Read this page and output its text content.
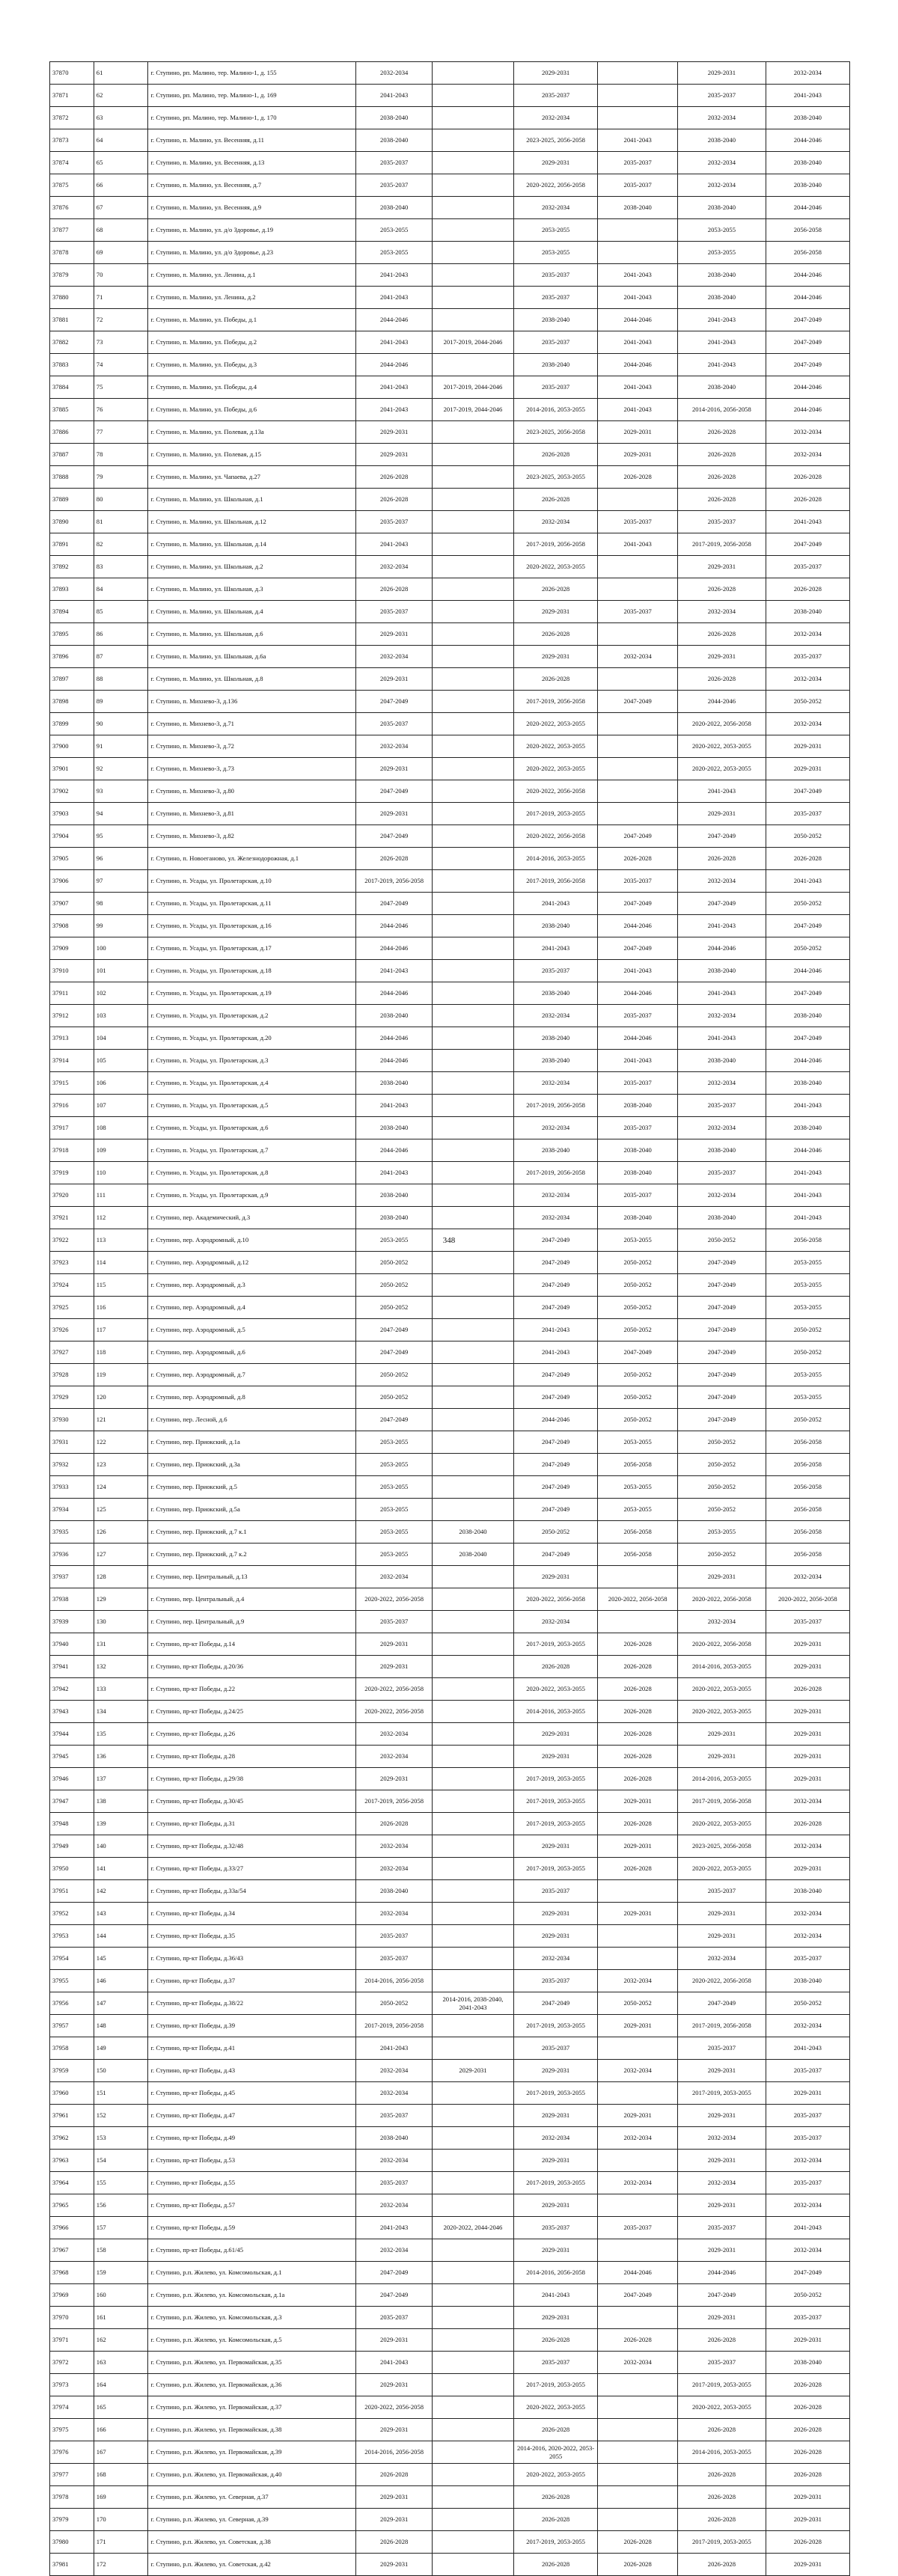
37870	61	г. Ступино, рп. Малино, тер. Малино-1, д. 155	2032-2034		2029-2031		2029-2031	2032-2034
37871	62	г. Ступино, рп. Малино, тер. Малино-1, д. 169	2041-2043		2035-2037		2035-2037	2041-2043
37872	63	г. Ступино, рп. Малино, тер. Малино-1, д. 170	2038-2040		2032-2034		2032-2034	2038-2040
37873	64	г. Ступино, п. Малино, ул. Весенняя, д.11	2038-2040		2023-2025, 2056-2058	2041-2043	2038-2040	2044-2046
37874	65	г. Ступино, п. Малино, ул. Весенняя, д.13	2035-2037		2029-2031	2035-2037	2032-2034	2038-2040
37875	66	г. Ступино, п. Малино, ул. Весенняя, д.7	2035-2037		2020-2022, 2056-2058	2035-2037	2032-2034	2038-2040
37876	67	г. Ступино, п. Малино, ул. Весенняя, д.9	2038-2040		2032-2034	2038-2040	2038-2040	2044-2046
37877	68	г. Ступино, п. Малино, ул. д/о Здоровье, д.19	2053-2055		2053-2055		2053-2055	2056-2058
37878	69	г. Ступино, п. Малино, ул. д/о Здоровье, д.23	2053-2055		2053-2055		2053-2055	2056-2058
37879	70	г. Ступино, п. Малино, ул. Ленина, д.1	2041-2043		2035-2037	2041-2043	2038-2040	2044-2046
37880	71	г. Ступино, п. Малино, ул. Ленина, д.2	2041-2043		2035-2037	2041-2043	2038-2040	2044-2046
37881	72	г. Ступино, п. Малино, ул. Победы, д.1	2044-2046		2038-2040	2044-2046	2041-2043	2047-2049
37882	73	г. Ступино, п. Малино, ул. Победы, д.2	2041-2043	2017-2019, 2044-2046	2035-2037	2041-2043	2041-2043	2047-2049
37883	74	г. Ступино, п. Малино, ул. Победы, д.3	2044-2046		2038-2040	2044-2046	2041-2043	2047-2049
37884	75	г. Ступино, п. Малино, ул. Победы, д.4	2041-2043	2017-2019, 2044-2046	2035-2037	2041-2043	2038-2040	2044-2046
37885	76	г. Ступино, п. Малино, ул. Победы, д.6	2041-2043	2017-2019, 2044-2046	2014-2016, 2053-2055	2041-2043	2014-2016, 2056-2058	2044-2046
37886	77	г. Ступино, п. Малино, ул. Полевая, д.13а	2029-2031		2023-2025, 2056-2058	2029-2031	2026-2028	2032-2034
37887	78	г. Ступино, п. Малино, ул. Полевая, д.15	2029-2031		2026-2028	2029-2031	2026-2028	2032-2034
37888	79	г. Ступино, п. Малино, ул. Чапаева, д.27	2026-2028		2023-2025, 2053-2055	2026-2028	2026-2028	2026-2028
37889	80	г. Ступино, п. Малино, ул. Школьная, д.1	2026-2028		2026-2028		2026-2028	2026-2028
37890	81	г. Ступино, п. Малино, ул. Школьная, д.12	2035-2037		2032-2034	2035-2037	2035-2037	2041-2043
37891	82	г. Ступино, п. Малино, ул. Школьная, д.14	2041-2043		2017-2019, 2056-2058	2041-2043	2017-2019, 2056-2058	2047-2049
37892	83	г. Ступино, п. Малино, ул. Школьная, д.2	2032-2034		2020-2022, 2053-2055		2029-2031	2035-2037
37893	84	г. Ступино, п. Малино, ул. Школьная, д.3	2026-2028		2026-2028		2026-2028	2026-2028
37894	85	г. Ступино, п. Малино, ул. Школьная, д.4	2035-2037		2029-2031	2035-2037	2032-2034	2038-2040
37895	86	г. Ступино, п. Малино, ул. Школьная, д.6	2029-2031		2026-2028		2026-2028	2032-2034
37896	87	г. Ступино, п. Малино, ул. Школьная, д.6а	2032-2034		2029-2031	2032-2034	2029-2031	2035-2037
37897	88	г. Ступино, п. Малино, ул. Школьная, д.8	2029-2031		2026-2028		2026-2028	2032-2034
37898	89	г. Ступино, п. Михнево-3, д.136	2047-2049		2017-2019, 2056-2058	2047-2049	2044-2046	2050-2052
37899	90	г. Ступино, п. Михнево-3, д.71	2035-2037		2020-2022, 2053-2055		2020-2022, 2056-2058	2032-2034
37900	91	г. Ступино, п. Михнево-3, д.72	2032-2034		2020-2022, 2053-2055		2020-2022, 2053-2055	2029-2031
37901	92	г. Ступино, п. Михнево-3, д.73	2029-2031		2020-2022, 2053-2055		2020-2022, 2053-2055	2029-2031
37902	93	г. Ступино, п. Михнево-3, д.80	2047-2049		2020-2022, 2056-2058		2041-2043	2047-2049
37903	94	г. Ступино, п. Михнево-3, д.81	2029-2031		2017-2019, 2053-2055		2029-2031	2035-2037
37904	95	г. Ступино, п. Михнево-3, д.82	2047-2049		2020-2022, 2056-2058	2047-2049	2047-2049	2050-2052
37905	96	г. Ступино, п. Новоеганово, ул. Железнодорожная, д.1	2026-2028		2014-2016, 2053-2055	2026-2028	2026-2028	2026-2028
37906	97	г. Ступино, п. Усады, ул. Пролетарская, д.10	2017-2019, 2056-2058		2017-2019, 2056-2058	2035-2037	2032-2034	2041-2043
37907	98	г. Ступино, п. Усады, ул. Пролетарская, д.11	2047-2049		2041-2043	2047-2049	2047-2049	2050-2052
37908	99	г. Ступино, п. Усады, ул. Пролетарская, д.16	2044-2046		2038-2040	2044-2046	2041-2043	2047-2049
37909	100	г. Ступино, п. Усады, ул. Пролетарская, д.17	2044-2046		2041-2043	2047-2049	2044-2046	2050-2052
37910	101	г. Ступино, п. Усады, ул. Пролетарская, д.18	2041-2043		2035-2037	2041-2043	2038-2040	2044-2046
37911	102	г. Ступино, п. Усады, ул. Пролетарская, д.19	2044-2046		2038-2040	2044-2046	2041-2043	2047-2049
37912	103	г. Ступино, п. Усады, ул. Пролетарская, д.2	2038-2040		2032-2034	2035-2037	2032-2034	2038-2040
37913	104	г. Ступино, п. Усады, ул. Пролетарская, д.20	2044-2046		2038-2040	2044-2046	2041-2043	2047-2049
37914	105	г. Ступино, п. Усады, ул. Пролетарская, д.3	2044-2046		2038-2040	2041-2043	2038-2040	2044-2046
37915	106	г. Ступино, п. Усады, ул. Пролетарская, д.4	2038-2040		2032-2034	2035-2037	2032-2034	2038-2040
37916	107	г. Ступино, п. Усады, ул. Пролетарская, д.5	2041-2043		2017-2019, 2056-2058	2038-2040	2035-2037	2041-2043
37917	108	г. Ступино, п. Усады, ул. Пролетарская, д.6	2038-2040		2032-2034	2035-2037	2032-2034	2038-2040
37918	109	г. Ступино, п. Усады, ул. Пролетарская, д.7	2044-2046		2038-2040	2038-2040	2038-2040	2044-2046
37919	110	г. Ступино, п. Усады, ул. Пролетарская, д.8	2041-2043		2017-2019, 2056-2058	2038-2040	2035-2037	2041-2043
37920	111	г. Ступино, п. Усады, ул. Пролетарская, д.9	2038-2040		2032-2034	2035-2037	2032-2034	2041-2043
37921	112	г. Ступино, пер. Академический, д.3	2038-2040		2032-2034	2038-2040	2038-2040	2041-2043
37922	113	г. Ступино, пер. Аэродромный, д.10	2053-2055		2047-2049	2053-2055	2050-2052	2056-2058
37923	114	г. Ступино, пер. Аэродромный, д.12	2050-2052		2047-2049	2050-2052	2047-2049	2053-2055
37924	115	г. Ступино, пер. Аэродромный, д.3	2050-2052		2047-2049	2050-2052	2047-2049	2053-2055
37925	116	г. Ступино, пер. Аэродромный, д.4	2050-2052		2047-2049	2050-2052	2047-2049	2053-2055
37926	117	г. Ступино, пер. Аэродромный, д.5	2047-2049		2041-2043	2050-2052	2047-2049	2050-2052
37927	118	г. Ступино, пер. Аэродромный, д.6	2047-2049		2041-2043	2047-2049	2047-2049	2050-2052
37928	119	г. Ступино, пер. Аэродромный, д.7	2050-2052		2047-2049	2050-2052	2047-2049	2053-2055
37929	120	г. Ступино, пер. Аэродромный, д.8	2050-2052		2047-2049	2050-2052	2047-2049	2053-2055
37930	121	г. Ступино, пер. Лесной, д.6	2047-2049		2044-2046	2050-2052	2047-2049	2050-2052
37931	122	г. Ступино, пер. Приокский, д.1а	2053-2055		2047-2049	2053-2055	2050-2052	2056-2058
37932	123	г. Ступино, пер. Приокский, д.3а	2053-2055		2047-2049	2056-2058	2050-2052	2056-2058
37933	124	г. Ступино, пер. Приокский, д.5	2053-2055		2047-2049	2053-2055	2050-2052	2056-2058
37934	125	г. Ступино, пер. Приокский, д.5а	2053-2055		2047-2049	2053-2055	2050-2052	2056-2058
37935	126	г. Ступино, пер. Приокский, д.7 к.1	2053-2055	2038-2040	2050-2052	2056-2058	2053-2055	2056-2058
37936	127	г. Ступино, пер. Приокский, д.7 к.2	2053-2055	2038-2040	2047-2049	2056-2058	2050-2052	2056-2058
37937	128	г. Ступино, пер. Центральный, д.13	2032-2034		2029-2031		2029-2031	2032-2034
37938	129	г. Ступино, пер. Центральный, д.4	2020-2022, 2056-2058		2020-2022, 2056-2058	2020-2022, 2056-2058	2020-2022, 2056-2058	2020-2022, 2056-2058
37939	130	г. Ступино, пер. Центральный, д.9	2035-2037		2032-2034		2032-2034	2035-2037
37940	131	г. Ступино, пр-кт Победы, д.14	2029-2031		2017-2019, 2053-2055	2026-2028	2020-2022, 2056-2058	2029-2031
37941	132	г. Ступино, пр-кт Победы, д.20/36	2029-2031		2026-2028	2026-2028	2014-2016, 2053-2055	2029-2031
37942	133	г. Ступино, пр-кт Победы, д.22	2020-2022, 2056-2058		2020-2022, 2053-2055	2026-2028	2020-2022, 2053-2055	2026-2028
37943	134	г. Ступино, пр-кт Победы, д.24/25	2020-2022, 2056-2058		2014-2016, 2053-2055	2026-2028	2020-2022, 2053-2055	2029-2031
37944	135	г. Ступино, пр-кт Победы, д.26	2032-2034		2029-2031	2026-2028	2029-2031	2029-2031
37945	136	г. Ступино, пр-кт Победы, д.28	2032-2034		2029-2031	2026-2028	2029-2031	2029-2031
37946	137	г. Ступино, пр-кт Победы, д.29/38	2029-2031		2017-2019, 2053-2055	2026-2028	2014-2016, 2053-2055	2029-2031
37947	138	г. Ступино, пр-кт Победы, д.30/45	2017-2019, 2056-2058		2017-2019, 2053-2055	2029-2031	2017-2019, 2056-2058	2032-2034
37948	139	г. Ступино, пр-кт Победы, д.31	2026-2028		2017-2019, 2053-2055	2026-2028	2020-2022, 2053-2055	2026-2028
37949	140	г. Ступино, пр-кт Победы, д.32/48	2032-2034		2029-2031	2029-2031	2023-2025, 2056-2058	2032-2034
37950	141	г. Ступино, пр-кт Победы, д.33/27	2032-2034		2017-2019, 2053-2055	2026-2028	2020-2022, 2053-2055	2029-2031
37951	142	г. Ступино, пр-кт Победы, д.33а/54	2038-2040		2035-2037		2035-2037	2038-2040
37952	143	г. Ступино, пр-кт Победы, д.34	2032-2034		2029-2031	2029-2031	2029-2031	2032-2034
37953	144	г. Ступино, пр-кт Победы, д.35	2035-2037		2029-2031		2029-2031	2032-2034
37954	145	г. Ступино, пр-кт Победы, д.36/43	2035-2037		2032-2034		2032-2034	2035-2037
37955	146	г. Ступино, пр-кт Победы, д.37	2014-2016, 2056-2058		2035-2037	2032-2034	2020-2022, 2056-2058	2038-2040
37956	147	г. Ступино, пр-кт Победы, д.38/22	2050-2052	2014-2016, 2038-2040, 2041-2043	2047-2049	2050-2052	2047-2049	2050-2052
37957	148	г. Ступино, пр-кт Победы, д.39	2017-2019, 2056-2058		2017-2019, 2053-2055	2029-2031	2017-2019, 2056-2058	2032-2034
37958	149	г. Ступино, пр-кт Победы, д.41	2041-2043		2035-2037		2035-2037	2041-2043
37959	150	г. Ступино, пр-кт Победы, д.43	2032-2034	2029-2031	2029-2031	2032-2034	2029-2031	2035-2037
37960	151	г. Ступино, пр-кт Победы, д.45	2032-2034		2017-2019, 2053-2055		2017-2019, 2053-2055	2029-2031
37961	152	г. Ступино, пр-кт Победы, д.47	2035-2037		2029-2031	2029-2031	2029-2031	2035-2037
37962	153	г. Ступино, пр-кт Победы, д.49	2038-2040		2032-2034	2032-2034	2032-2034	2035-2037
37963	154	г. Ступино, пр-кт Победы, д.53	2032-2034		2029-2031		2029-2031	2032-2034
37964	155	г. Ступино, пр-кт Победы, д.55	2035-2037		2017-2019, 2053-2055	2032-2034	2032-2034	2035-2037
37965	156	г. Ступино, пр-кт Победы, д.57	2032-2034		2029-2031		2029-2031	2032-2034
37966	157	г. Ступино, пр-кт Победы, д.59	2041-2043	2020-2022, 2044-2046	2035-2037	2035-2037	2035-2037	2041-2043
37967	158	г. Ступино, пр-кт Победы, д.61/45	2032-2034		2029-2031		2029-2031	2032-2034
37968	159	г. Ступино, р.п. Жилево, ул. Комсомольская, д.1	2047-2049		2014-2016, 2056-2058	2044-2046	2044-2046	2047-2049
37969	160	г. Ступино, р.п. Жилево, ул. Комсомольская, д.1а	2047-2049		2041-2043	2047-2049	2047-2049	2050-2052
37970	161	г. Ступино, р.п. Жилево, ул. Комсомольская, д.3	2035-2037		2029-2031		2029-2031	2035-2037
37971	162	г. Ступино, р.п. Жилево, ул. Комсомольская, д.5	2029-2031		2026-2028	2026-2028	2026-2028	2029-2031
37972	163	г. Ступино, р.п. Жилево, ул. Первомайская, д.35	2041-2043		2035-2037	2032-2034	2035-2037	2038-2040
37973	164	г. Ступино, р.п. Жилево, ул. Первомайская, д.36	2029-2031		2017-2019, 2053-2055		2017-2019, 2053-2055	2026-2028
37974	165	г. Ступино, р.п. Жилево, ул. Первомайская, д.37	2020-2022, 2056-2058		2020-2022, 2053-2055		2020-2022, 2053-2055	2026-2028
37975	166	г. Ступино, р.п. Жилево, ул. Первомайская, д.38	2029-2031		2026-2028		2026-2028	2026-2028
37976	167	г. Ступино, р.п. Жилево, ул. Первомайская, д.39	2014-2016, 2056-2058		2014-2016, 2020-2022, 2053-2055		2014-2016, 2053-2055	2026-2028
37977	168	г. Ступино, р.п. Жилево, ул. Первомайская, д.40	2026-2028		2020-2022, 2053-2055		2026-2028	2026-2028
37978	169	г. Ступино, р.п. Жилево, ул. Северная, д.37	2029-2031		2026-2028		2026-2028	2029-2031
37979	170	г. Ступино, р.п. Жилево, ул. Северная, д.39	2029-2031		2026-2028		2026-2028	2029-2031
37980	171	г. Ступино, р.п. Жилево, ул. Советская, д.38	2026-2028		2017-2019, 2053-2055	2026-2028	2017-2019, 2053-2055	2026-2028
37981	172	г. Ступино, р.п. Жилево, ул. Советская, д.42	2029-2031		2026-2028	2026-2028	2026-2028	2029-2031
348
